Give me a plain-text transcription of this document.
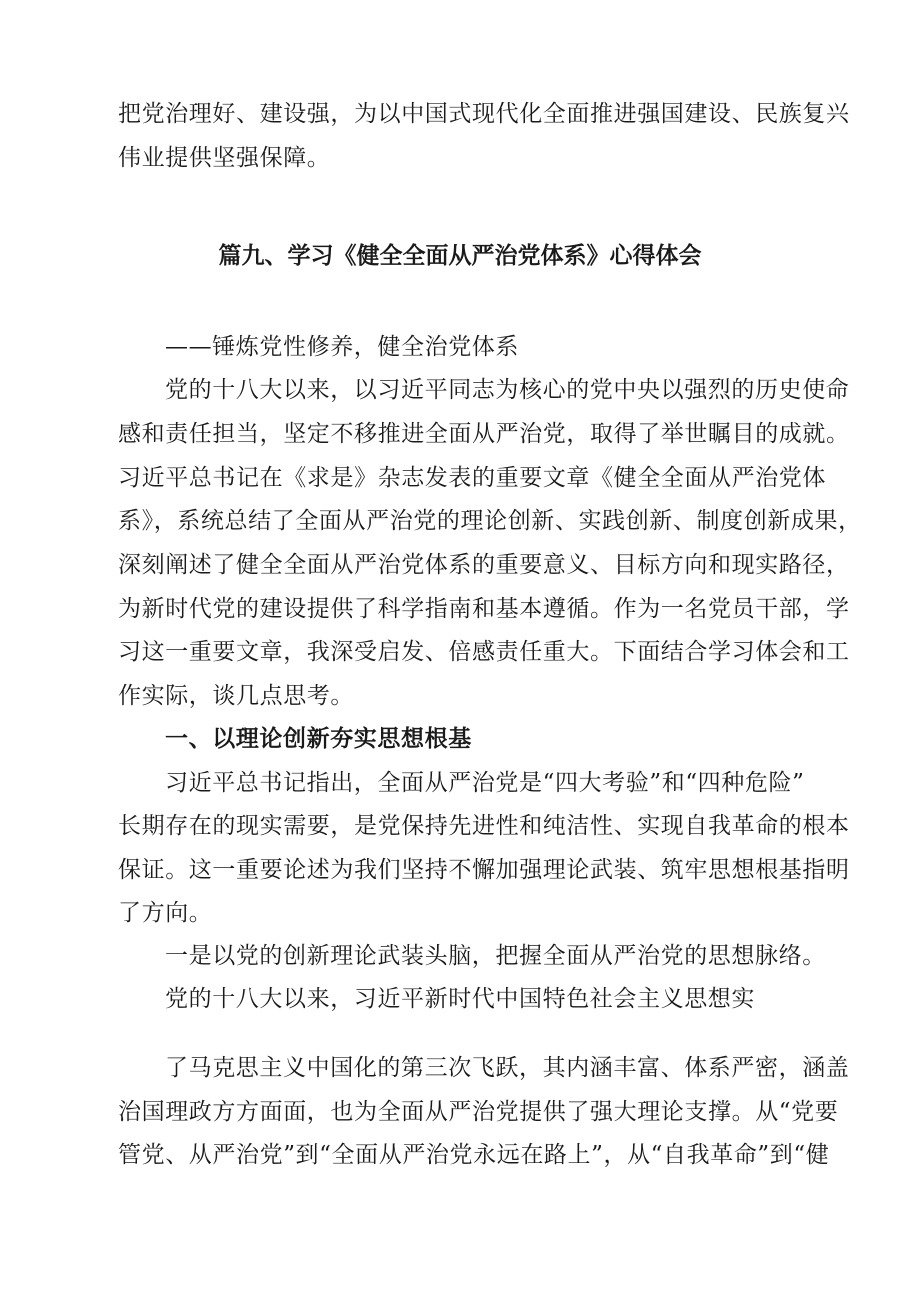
把党治理好、建设强，为以中国式现代化全面推进强国建设、民族复兴
伟业提供坚强保障。
篇九、学习《健全全面从严治党体系》心得体会
——锤炼党性修养，健全治党体系
党的十八大以来，以习近平同志为核心的党中央以强烈的历史使命
感和责任担当，坚定不移推进全面从严治党，取得了举世瞩目的成就。
习近平总书记在《求是》杂志发表的重要文章《健全全面从严治党体
系》，系统总结了全面从严治党的理论创新、实践创新、制度创新成果，
深刻阐述了健全全面从严治党体系的重要意义、目标方向和现实路径，
为新时代党的建设提供了科学指南和基本遵循。作为一名党员干部，学
习这一重要文章，我深受启发、倍感责任重大。下面结合学习体会和工
作实际，谈几点思考。
一、以理论创新夯实思想根基
习近平总书记指出，全面从严治党是“四大考验”和“四种危险”
长期存在的现实需要，是党保持先进性和纯洁性、实现自我革命的根本
保证。这一重要论述为我们坚持不懈加强理论武装、筑牢思想根基指明
了方向。
一是以党的创新理论武装头脑，把握全面从严治党的思想脉络。
党的十八大以来，习近平新时代中国特色社会主义思想实
了马克思主义中国化的第三次飞跃，其内涵丰富、体系严密，涵盖
治国理政方方面面，也为全面从严治党提供了强大理论支撑。从“党要
管党、从严治党”到“全面从严治党永远在路上”，从“自我革命”到“健
